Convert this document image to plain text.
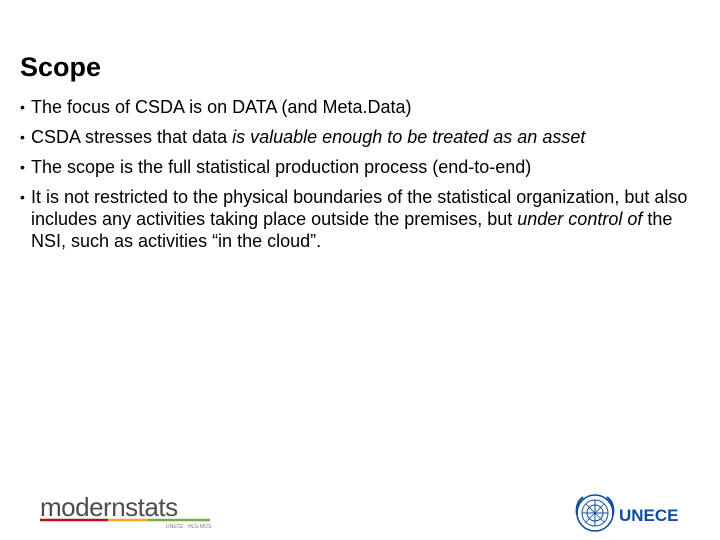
Scope
• The focus of CSDA is on DATA (and Meta.Data)
• CSDA stresses that data is valuable enough to be treated as an asset
• The scope is the full statistical production process (end-to-end)
• It is not restricted to the physical boundaries of the statistical organization, but also includes any activities taking place outside the premises, but under control of the NSI, such as activities “in the cloud”.
modernstats
UNECE · HLG-MOS
UNECE
